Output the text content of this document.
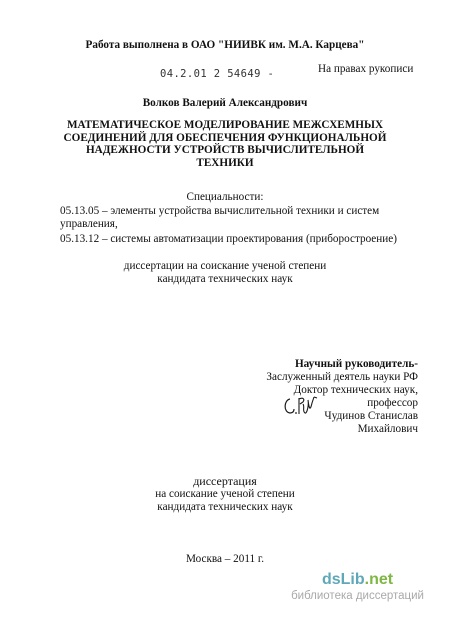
Работа выполнена в ОАО "НИИВК им. М.А. Карцева"
04.2.01 2 54649 -	На правах рукописи
Волков Валерий Александрович
МАТЕМАТИЧЕСКОЕ МОДЕЛИРОВАНИЕ МЕЖСХЕМНЫХ
СОЕДИНЕНИЙ ДЛЯ ОБЕСПЕЧЕНИЯ ФУНКЦИОНАЛЬНОЙ
НАДЕЖНОСТИ УСТРОЙСТВ ВЫЧИСЛИТЕЛЬНОЙ ТЕХНИКИ
Специальности:
05.13.05 – элементы устройства вычислительной техники и систем управления,
05.13.12 – системы автоматизации проектирования (приборостроение)
диссертации на соискание ученой степени
кандидата технических наук
Научный руководитель-
Заслуженный деятель науки РФ
Доктор технических наук,
профессор
Чудинов Станислав
Михайлович
диссертация
на соискание ученой степени
кандидата технических наук
Москва – 2011 г.
dsLib.net
библиотека диссертаций
